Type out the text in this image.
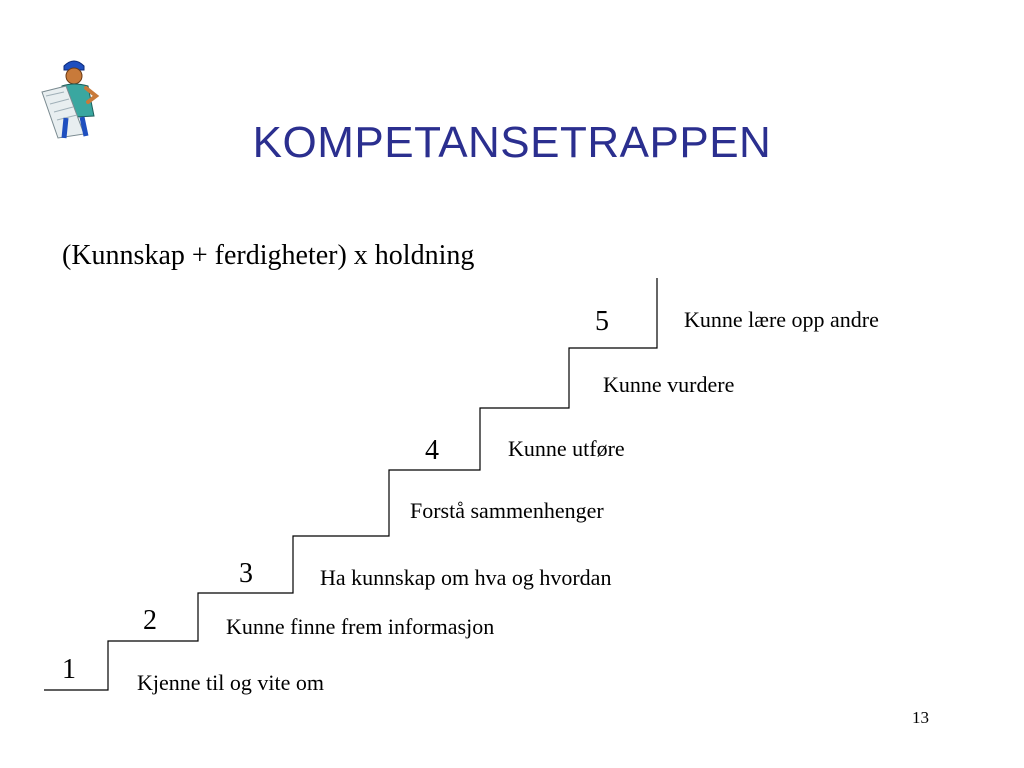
KOMPETANSETRAPPEN
(Kunnskap + ferdigheter) x holdning
1
2
3
4
5
Kjenne til og vite om
Kunne finne frem informasjon
Ha kunnskap om hva og hvordan
Forstå sammenhenger
Kunne utføre
Kunne vurdere
Kunne lære opp andre
13
